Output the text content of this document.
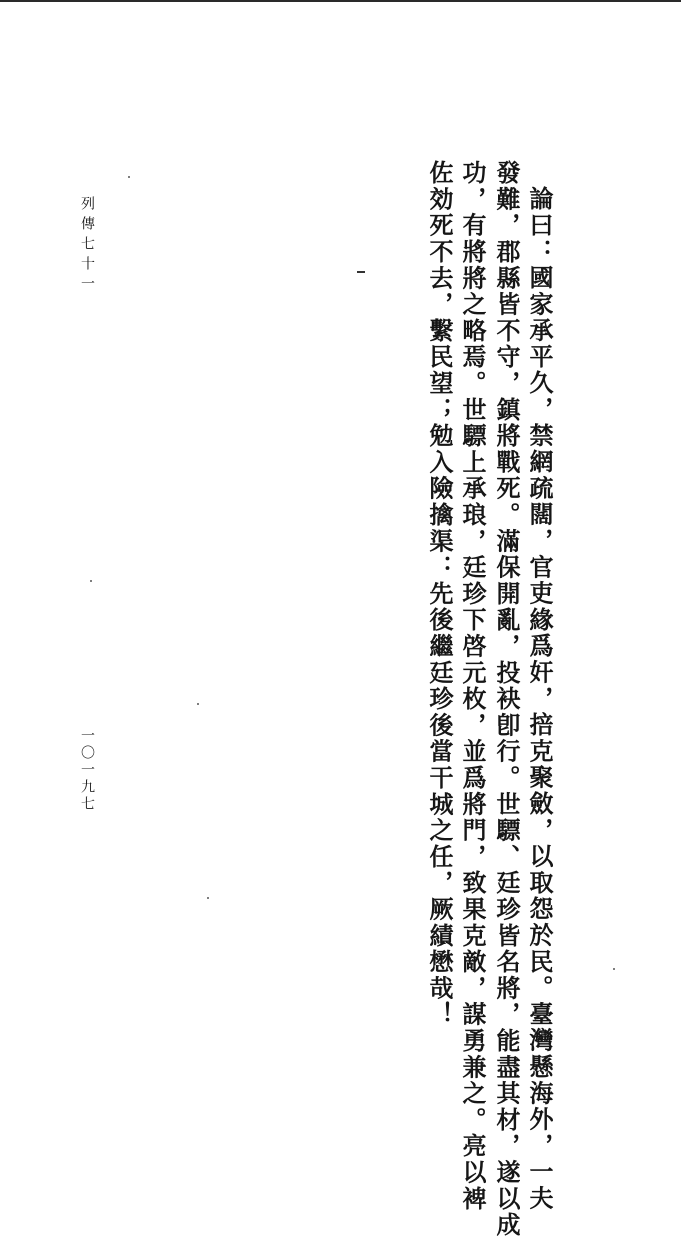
論曰：國家承平久，禁網疏闊，官吏緣爲奸，掊克聚斂，以取怨於民。臺灣懸海外，一夫

發難，郡縣皆不守，鎮將戰死。滿保開亂，投袂卽行。世驃、廷珍皆名將，能盡其材，遂以成

功，有將將之略焉。世驃上承琅，廷珍下啓元枚，並爲將門，致果克敵，謀勇兼之。亮以裨

佐効死不去，繫民望；勉入險擒渠：先後繼廷珍後當干城之任，厥績懋哉！

列傳七十一

一〇一九七
